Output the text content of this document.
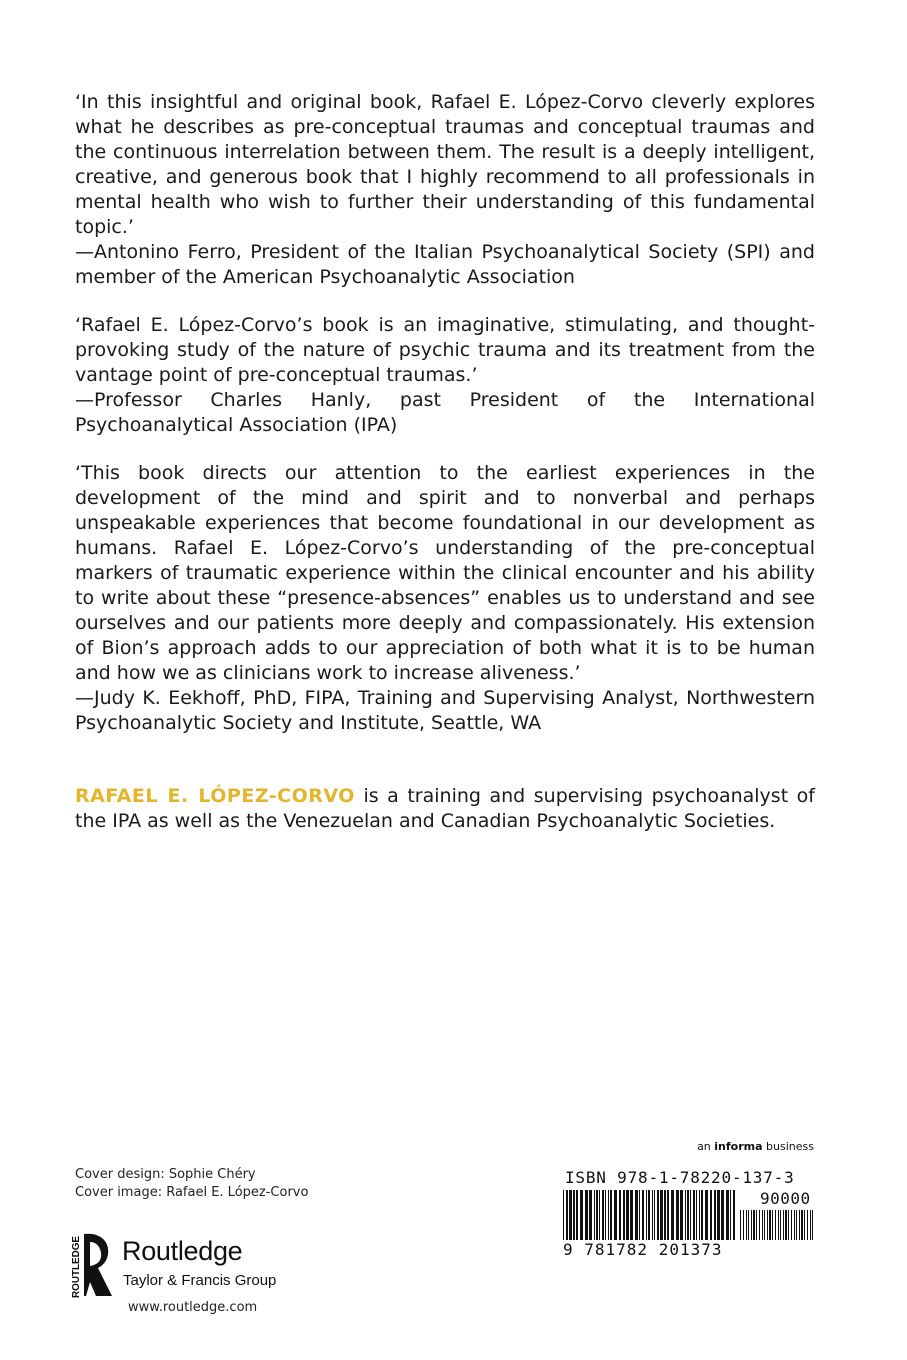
‘In this insightful and original book, Rafael E. López-Corvo cleverly explores what he describes as pre-conceptual traumas and conceptual traumas and the continuous interrelation between them. The result is a deeply intelligent, creative, and generous book that I highly recommend to all professionals in mental health who wish to further their understanding of this fundamental topic.’

—Antonino Ferro, President of the Italian Psychoanalytical Society (SPI) and member of the American Psychoanalytic Association

‘Rafael E. López-Corvo’s book is an imaginative, stimulating, and thought-provoking study of the nature of psychic trauma and its treatment from the vantage point of pre-conceptual traumas.’

—Professor Charles Hanly, past President of the International Psychoanalytical Association (IPA)

‘This book directs our attention to the earliest experiences in the development of the mind and spirit and to nonverbal and perhaps unspeakable experiences that become foundational in our development as humans. Rafael E. López-Corvo’s understanding of the pre-conceptual markers of traumatic experience within the clinical encounter and his ability to write about these “presence-absences” enables us to understand and see ourselves and our patients more deeply and compassionately. His extension of Bion’s approach adds to our appreciation of both what it is to be human and how we as clinicians work to increase aliveness.’

—Judy K. Eekhoff, PhD, FIPA, Training and Supervising Analyst, Northwestern Psychoanalytic Society and Institute, Seattle, WA

RAFAEL E. LÓPEZ-CORVO is a training and supervising psychoanalyst of the IPA as well as the Venezuelan and Canadian Psychoanalytic Societies.

Cover design: Sophie Chéry
Cover image: Rafael E. López-Corvo
ROUTLEDGE Routledge
Taylor & Francis Group
www.routledge.com
an informa business
ISBN 978-1-78220-137-3
90000
9 781782 201373
